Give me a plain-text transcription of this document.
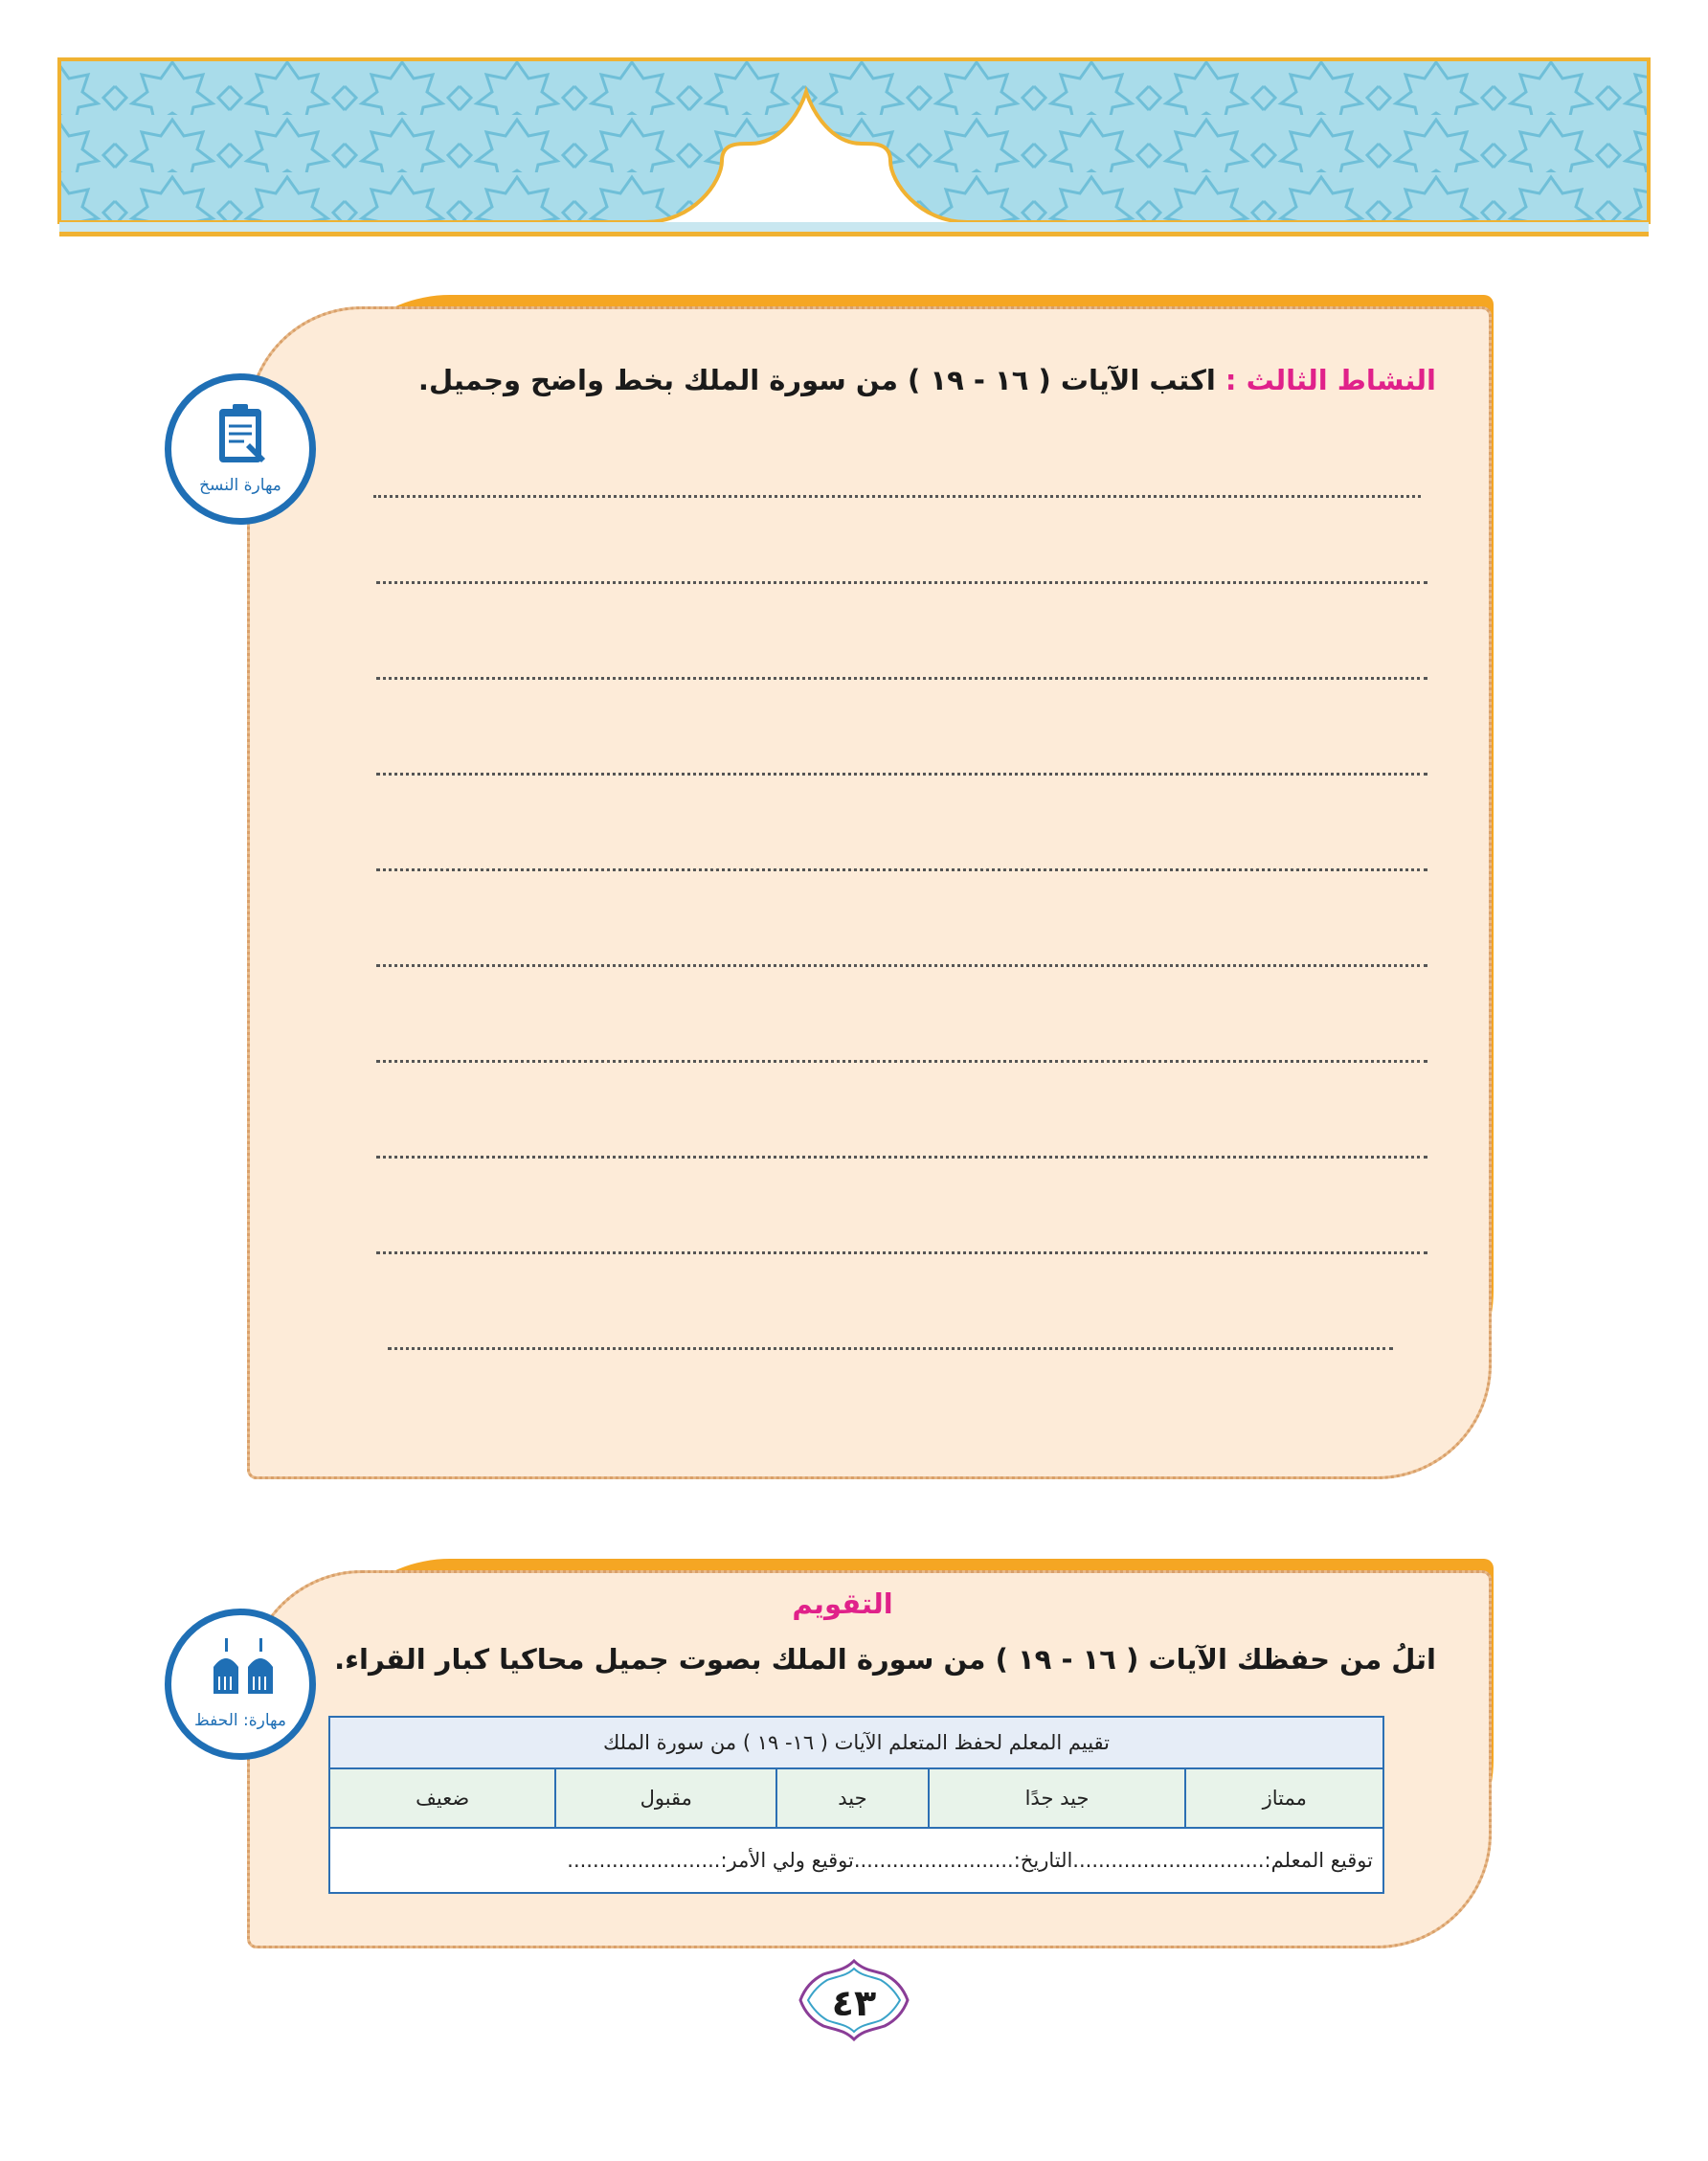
مهارة النسخ
النشاط الثالث : اكتب الآيات ( ١٦ - ١٩ ) من سورة الملك بخط واضح وجميل.
مهارة: الحفظ
التقويم
اتلُ من حفظك الآيات ( ١٦ - ١٩ ) من سورة الملك بصوت جميل محاكيا كبار القراء.
تقييم المعلم لحفظ المتعلم الآيات ( ١٦- ١٩ ) من سورة الملك
ممتاز	جيد جدًا	جيد	مقبول	ضعيف
توقيع المعلم:..............................التاريخ:.........................توقيع ولي الأمر:........................
٤٣
